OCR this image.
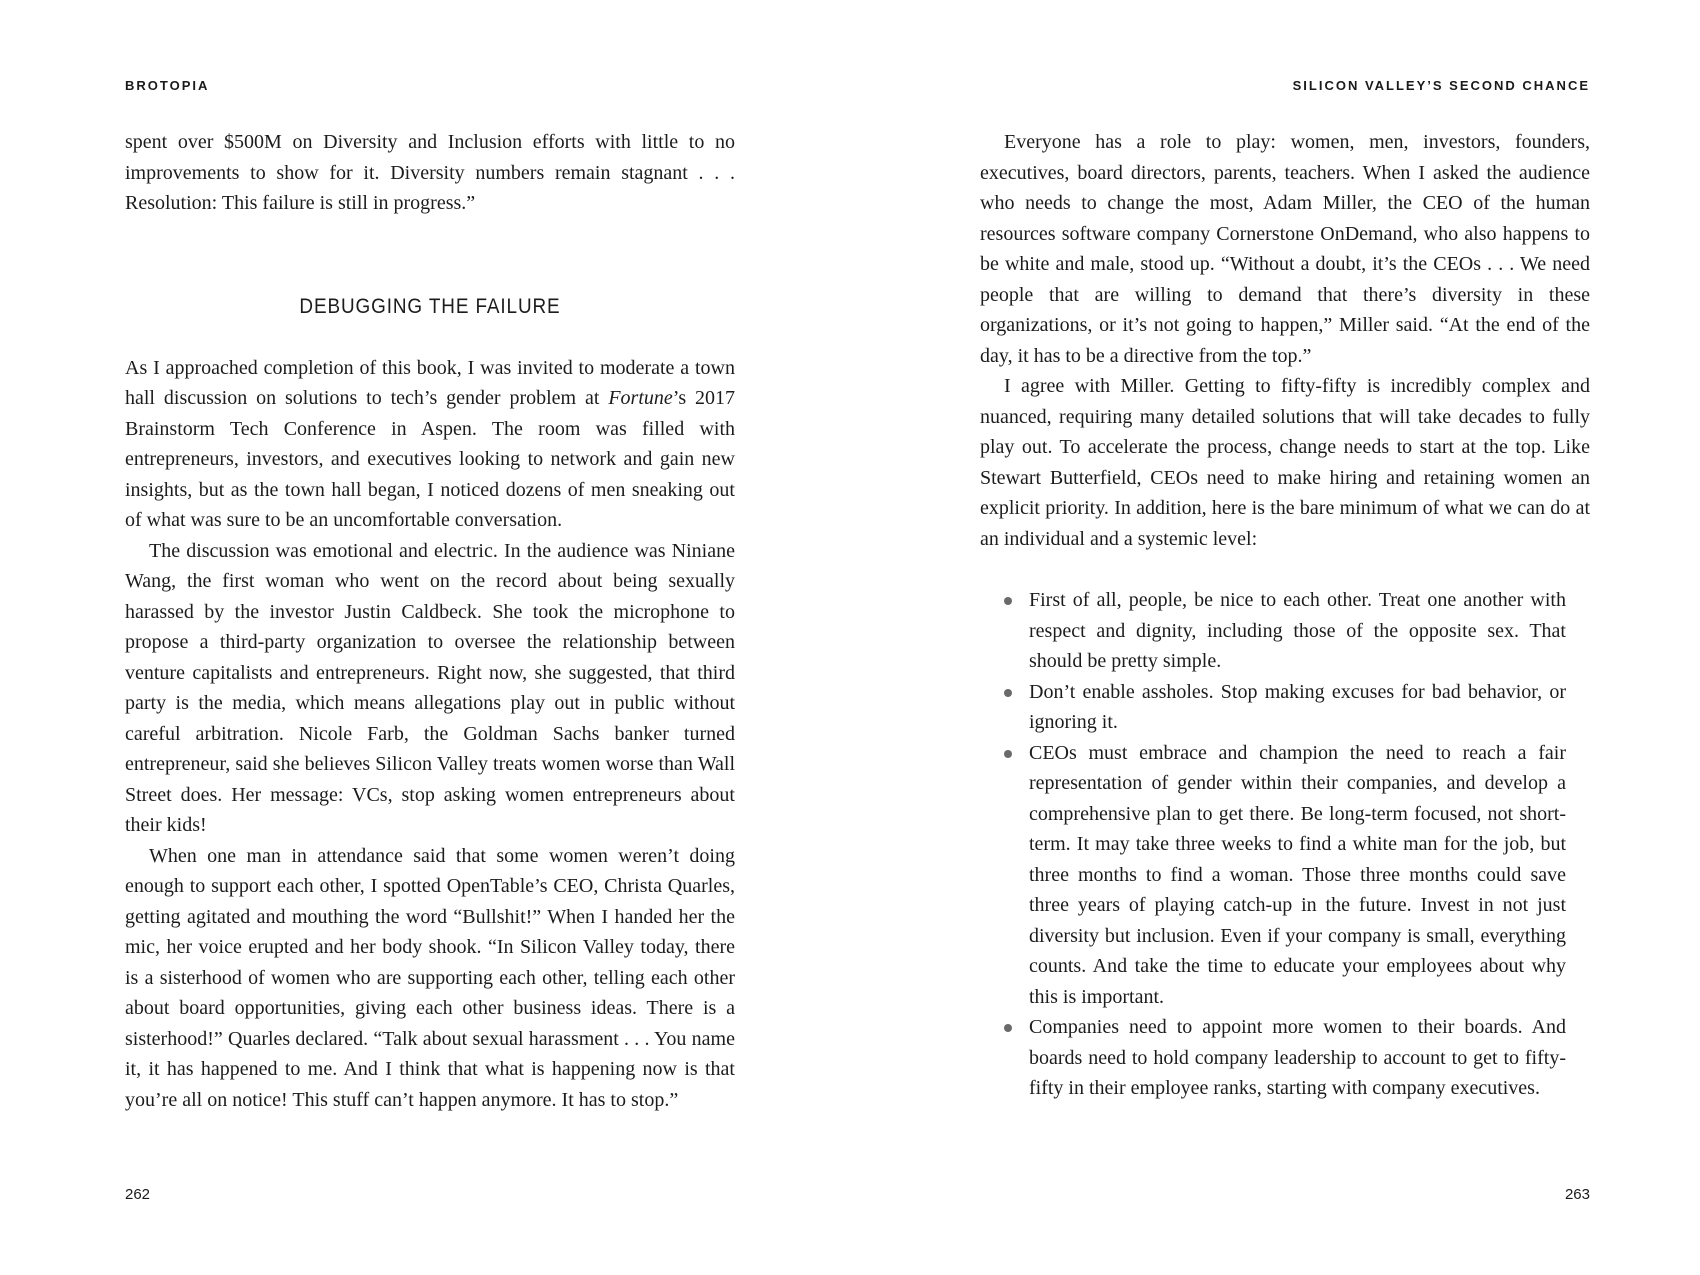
BROTOPIA

spent over $500M on Diversity and Inclusion efforts with little to no improvements to show for it. Diversity numbers remain stagnant . . . Resolution: This failure is still in progress.”

DEBUGGING THE FAILURE

As I approached completion of this book, I was invited to moderate a town hall discussion on solutions to tech’s gender problem at Fortune’s 2017 Brainstorm Tech Conference in Aspen. The room was filled with entrepreneurs, investors, and executives looking to network and gain new insights, but as the town hall began, I noticed dozens of men sneaking out of what was sure to be an uncomfortable conversation.

The discussion was emotional and electric. In the audience was Niniane Wang, the first woman who went on the record about being sexually harassed by the investor Justin Caldbeck. She took the microphone to propose a third-party organization to oversee the relationship between venture capitalists and entrepreneurs. Right now, she suggested, that third party is the media, which means allegations play out in public without careful arbitration. Nicole Farb, the Goldman Sachs banker turned entrepreneur, said she believes Silicon Valley treats women worse than Wall Street does. Her message: VCs, stop asking women entrepreneurs about their kids!

When one man in attendance said that some women weren’t doing enough to support each other, I spotted OpenTable’s CEO, Christa Quarles, getting agitated and mouthing the word “Bullshit!” When I handed her the mic, her voice erupted and her body shook. “In Silicon Valley today, there is a sisterhood of women who are supporting each other, telling each other about board opportunities, giving each other business ideas. There is a sisterhood!” Quarles declared. “Talk about sexual harassment . . . You name it, it has happened to me. And I think that what is happening now is that you’re all on notice! This stuff can’t happen anymore. It has to stop.”

262
SILICON VALLEY’S SECOND CHANCE

Everyone has a role to play: women, men, investors, founders, executives, board directors, parents, teachers. When I asked the audience who needs to change the most, Adam Miller, the CEO of the human resources software company Cornerstone OnDemand, who also happens to be white and male, stood up. “Without a doubt, it’s the CEOs . . . We need people that are willing to demand that there’s diversity in these organizations, or it’s not going to happen,” Miller said. “At the end of the day, it has to be a directive from the top.”

I agree with Miller. Getting to fifty-fifty is incredibly complex and nuanced, requiring many detailed solutions that will take decades to fully play out. To accelerate the process, change needs to start at the top. Like Stewart Butterfield, CEOs need to make hiring and retaining women an explicit priority. In addition, here is the bare minimum of what we can do at an individual and a systemic level:

First of all, people, be nice to each other. Treat one another with respect and dignity, including those of the opposite sex. That should be pretty simple.
Don’t enable assholes. Stop making excuses for bad behavior, or ignoring it.
CEOs must embrace and champion the need to reach a fair representation of gender within their companies, and develop a comprehensive plan to get there. Be long-term focused, not short-term. It may take three weeks to find a white man for the job, but three months to find a woman. Those three months could save three years of playing catch-up in the future. Invest in not just diversity but inclusion. Even if your company is small, everything counts. And take the time to educate your employees about why this is important.
Companies need to appoint more women to their boards. And boards need to hold company leadership to account to get to fifty-fifty in their employee ranks, starting with company executives.
263
